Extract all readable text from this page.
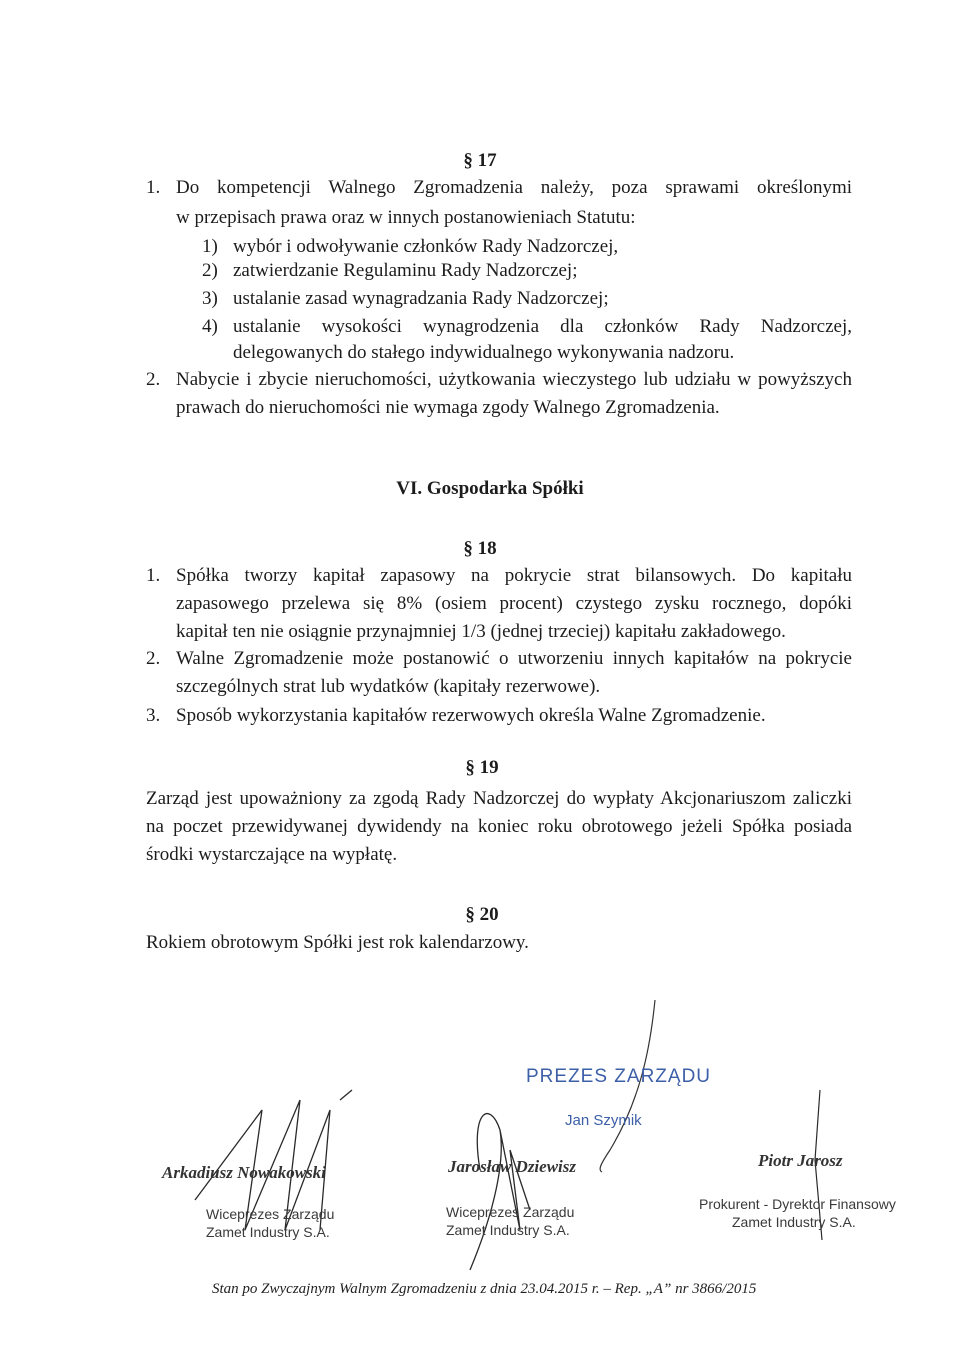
§ 17
1. Do kompetencji Walnego Zgromadzenia należy, poza sprawami określonymi
w przepisach prawa oraz w innych postanowieniach Statutu:
1) wybór i odwoływanie członków Rady Nadzorczej,
2) zatwierdzanie Regulaminu Rady Nadzorczej;
3) ustalanie zasad wynagradzania Rady Nadzorczej;
4) ustalanie wysokości wynagrodzenia dla członków Rady Nadzorczej,
delegowanych do stałego indywidualnego wykonywania nadzoru.
2. Nabycie i zbycie nieruchomości, użytkowania wieczystego lub udziału w powyższych
prawach do nieruchomości nie wymaga zgody Walnego Zgromadzenia.
VI. Gospodarka Spółki
§ 18
1. Spółka tworzy kapitał zapasowy na pokrycie strat bilansowych. Do kapitału
zapasowego przelewa się 8% (osiem procent) czystego zysku rocznego, dopóki
kapitał ten nie osiągnie przynajmniej 1/3 (jednej trzeciej) kapitału zakładowego.
2. Walne Zgromadzenie może postanowić o utworzeniu innych kapitałów na pokrycie
szczególnych strat lub wydatków (kapitały rezerwowe).
3. Sposób wykorzystania kapitałów rezerwowych określa Walne Zgromadzenie.
§ 19
Zarząd jest upoważniony za zgodą Rady Nadzorczej do wypłaty Akcjonariuszom zaliczki
na poczet przewidywanej dywidendy na koniec roku obrotowego jeżeli Spółka posiada
środki wystarczające na wypłatę.
§ 20
Rokiem obrotowym Spółki jest rok kalendarzowy.
PREZES ZARZĄDU
Jan Szymik
Arkadiusz Nowakowski
Wiceprezes Zarządu
Zamet Industry S.A.
Jarosław Dziewisz
Wiceprezes Zarządu
Zamet Industry S.A.
Piotr Jarosz
Prokurent - Dyrektor Finansowy
Zamet Industry S.A.
Stan po Zwyczajnym Walnym Zgromadzeniu z dnia 23.04.2015 r. – Rep. „A” nr 3866/2015
